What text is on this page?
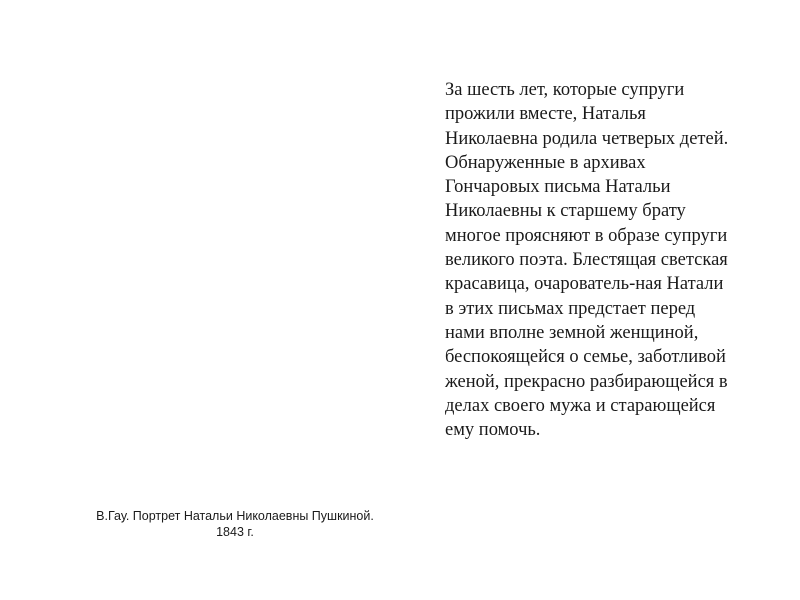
За шесть лет, которые супруги
прожили вместе, Наталья
Николаевна родила четверых детей.
Обнаруженные в архивах
Гончаровых письма Натальи
Николаевны к старшему брату
многое проясняют в образе супруги
великого поэта. Блестящая светская
красавица, очарователь-ная Натали
в этих письмах предстает перед
нами вполне земной женщиной,
беспокоящейся о семье, заботливой
женой, прекрасно разбирающейся в
делах своего мужа и старающейся
ему помочь.

В.Гау. Портрет Натальи Николаевны Пушкиной.
1843 г.
